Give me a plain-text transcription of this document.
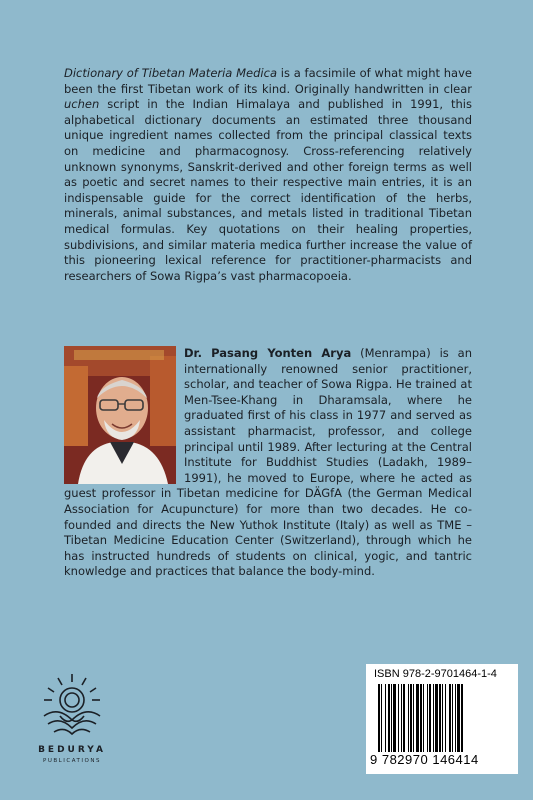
Dictionary of Tibetan Materia Medica is a facsimile of what might have been the first Tibetan work of its kind. Originally handwritten in clear uchen script in the Indian Himalaya and published in 1991, this alphabetical dictionary documents an estimated three thousand unique ingredient names collected from the principal classical texts on medicine and pharmacognosy. Cross-referencing relatively unknown synonyms, Sanskrit-derived and other foreign terms as well as poetic and secret names to their respective main entries, it is an indispensable guide for the correct identification of the herbs, minerals, animal substances, and metals listed in traditional Tibetan medical formulas. Key quotations on their healing properties, subdivisions, and similar materia medica further increase the value of this pioneering lexical reference for practitioner-pharmacists and researchers of Sowa Rigpa’s vast pharmacopoeia.

Dr. Pasang Yonten Arya (Menrampa) is an internationally renowned senior practitioner, scholar, and teacher of Sowa Rigpa. He trained at Men-Tsee-Khang in Dharamsala, where he graduated first of his class in 1977 and served as assistant pharmacist, professor, and college principal until 1989. After lecturing at the Central Institute for Buddhist Studies (Ladakh, 1989–1991), he moved to Europe, where he acted as guest professor in Tibetan medicine for DÄGfA (the German Medical Association for Acupuncture) for more than two decades. He co-founded and directs the New Yuthok Institute (Italy) as well as TME – Tibetan Medicine Education Center (Switzerland), through which he has instructed hundreds of students on clinical, yogic, and tantric knowledge and practices that balance the body-mind.

BEDURYA
PUBLICATIONS
ISBN 978-2-9701464-1-4
9 782970 146414
